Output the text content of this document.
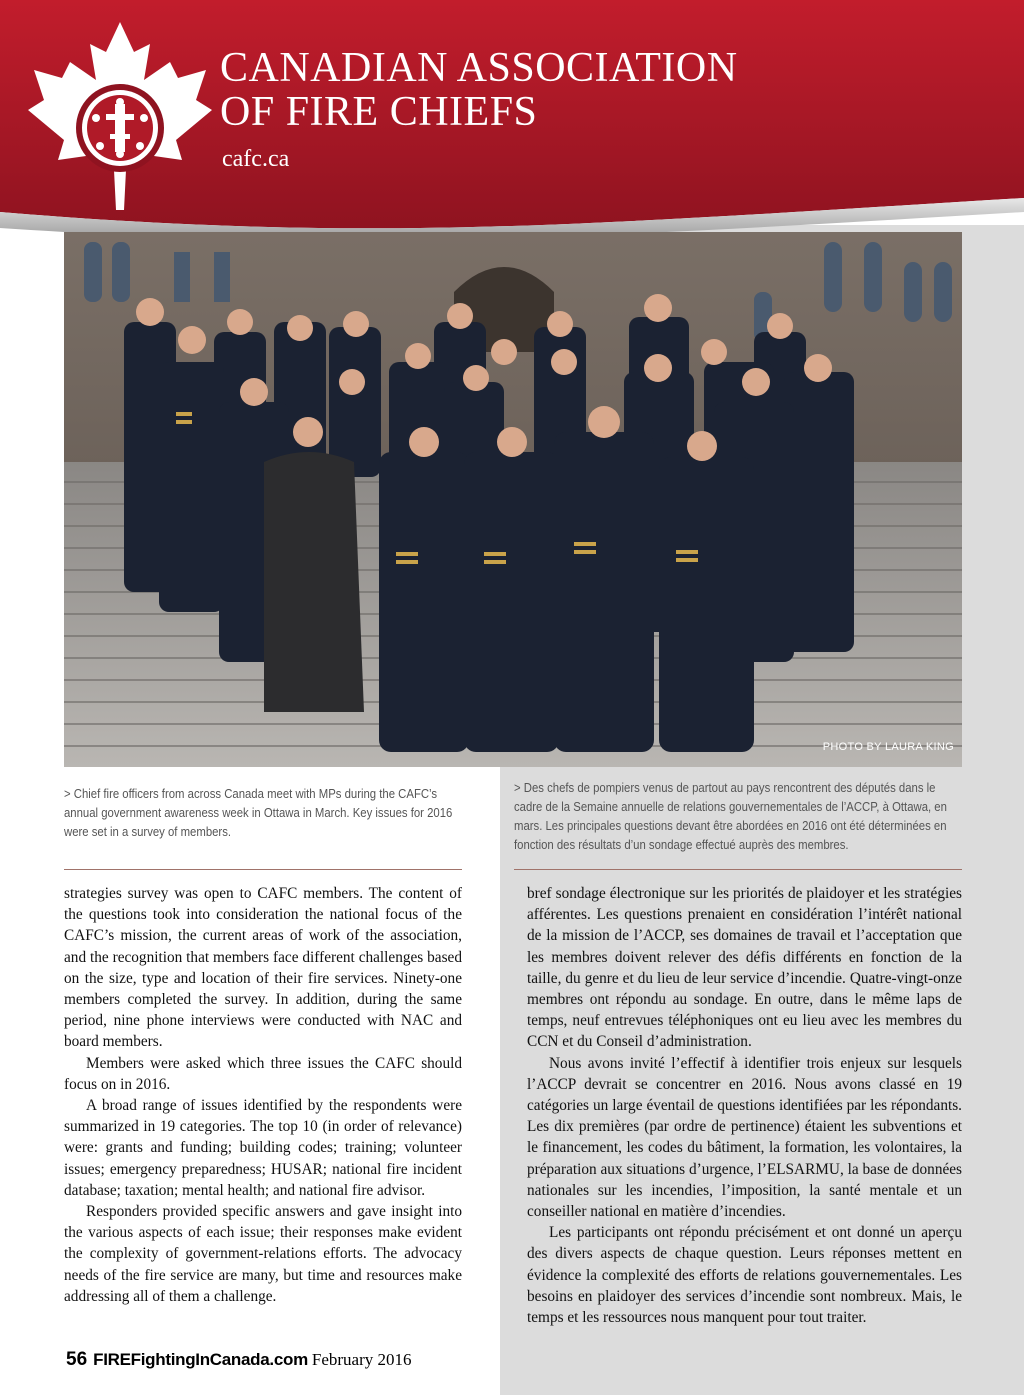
CANADIAN ASSOCIATION
OF FIRE CHIEFS
cafc.ca
PHOTO BY LAURA KING
> Chief fire officers from across Canada meet with MPs during the CAFC’s annual government awareness week in Ottawa in March. Key issues for 2016 were set in a survey of members.
> Des chefs de pompiers venus de partout au pays rencontrent des députés dans le cadre de la Semaine annuelle de relations gouvernementales de l’ACCP, à Ottawa, en mars. Les principales questions devant être abordées en 2016 ont été déterminées en fonction des résultats d’un sondage effectué auprès des membres.

strategies survey was open to CAFC members. The content of the questions took into consideration the national focus of the CAFC’s mission, the current areas of work of the association, and the recognition that members face different challenges based on the size, type and location of their fire services. Ninety-one members completed the survey. In addition, during the same period, nine phone interviews were conducted with NAC and board members.

Members were asked which three issues the CAFC should focus on in 2016.

A broad range of issues identified by the respondents were summarized in 19 categories. The top 10 (in order of relevance) were: grants and funding; building codes; training; volunteer issues; emergency preparedness; HUSAR; national fire incident database; taxation; mental health; and national fire advisor.

Responders provided specific answers and gave insight into the various aspects of each issue; their responses make evident the complexity of government-relations efforts. The advocacy needs of the fire service are many, but time and resources make addressing all of them a challenge.

bref sondage électronique sur les priorités de plaidoyer et les stratégies afférentes. Les questions prenaient en considération l’intérêt national de la mission de l’ACCP, ses domaines de travail et l’acceptation que les membres doivent relever des défis différents en fonction de la taille, du genre et du lieu de leur service d’incendie. Quatre-vingt-onze membres ont répondu au sondage. En outre, dans le même laps de temps, neuf entrevues téléphoniques ont eu lieu avec les membres du CCN et du Conseil d’administration.

Nous avons invité l’effectif à identifier trois enjeux sur lesquels l’ACCP devrait se concentrer en 2016. Nous avons classé en 19 catégories un large éventail de questions identifiées par les répondants. Les dix premières (par ordre de pertinence) étaient les subventions et le financement, les codes du bâtiment, la formation, les volontaires, la préparation aux situations d’urgence, l’ELSARMU, la base de données nationales sur les incendies, l’imposition, la santé mentale et un conseiller national en matière d’incendies.

Les participants ont répondu précisément et ont donné un aperçu des divers aspects de chaque question. Leurs réponses mettent en évidence la complexité des efforts de relations gouvernementales. Les besoins en plaidoyer des services d’incendie sont nombreux. Mais, le temps et les ressources nous manquent pour tout traiter.

56 FIREFightingInCanada.com February 2016
